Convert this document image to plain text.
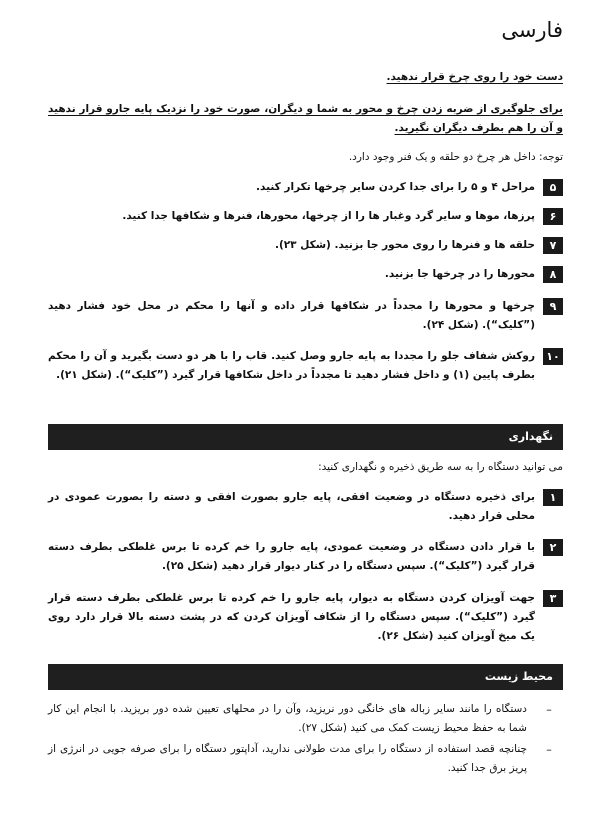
فارسی
دست خود را روی چرخ قرار ندهید.
برای جلوگیری از ضربه زدن چرخ و محور به شما و دیگران، صورت خود را نزدیک پایه جارو قرار ندهید و آن را هم بطرف دیگران نگیرید.
توجه: داخل هر چرخ دو حلقه و یک فنر وجود دارد.
۵
مراحل ۴ و ۵ را برای جدا کردن سایر چرخها تکرار کنید.
۶
پرزها، موها و سایر گرد وغبار ها را از چرخها، محورها، فنرها و شکافها جدا کنید.
۷
حلقه ها و فنرها را روی محور جا بزنید. (شکل ۲۳).
۸
محورها را در چرخها جا بزنید.
۹
چرخها و محورها را مجدداً در شکافها قرار داده و آنها را محکم در محل خود فشار دهید (”کلیک“). (شکل ۲۴).
۱۰
روکش شفاف جلو را مجددا به پایه جارو وصل کنید. قاب را با هر دو دست بگیرید و آن را محکم بطرف پایین (۱) و داخل فشار دهید تا مجدداً در داخل شکافها قرار گیرد (”کلیک“). (شکل ۲۱).
نگهداری
می توانید دستگاه را به سه طریق ذخیره و نگهداری کنید:
۱
برای ذخیره دستگاه در وضعیت افقی، پایه جارو بصورت افقی و دسته را بصورت عمودی در محلی قرار دهید.
۲
با قرار دادن دستگاه در وضعیت عمودی، پایه جارو را خم کرده تا برس غلطکی بطرف دسته قرار گیرد (”کلیک“). سپس دستگاه را در کنار دیوار قرار دهید (شکل ۲۵).
۳
جهت آویزان کردن دستگاه به دیوار، پایه جارو را خم کرده تا برس غلطکی بطرف دسته قرار گیرد (”کلیک“). سپس دستگاه را از شکاف آویزان کردن که در پشت دسته بالا قرار دارد روی یک میخ آویزان کنید (شکل ۲۶).
محیط زیست
–
دستگاه را مانند سایر زباله های خانگی دور نریزید، وآن را در محلهای تعیین شده دور بریزید. با انجام این کار شما به حفظ محیط زیست کمک می کنید (شکل ۲۷).
–
چنانچه قصد استفاده از دستگاه را برای مدت طولانی ندارید، آداپتور دستگاه را برای صرفه جویی در انرژی از پریز برق جدا کنید.
